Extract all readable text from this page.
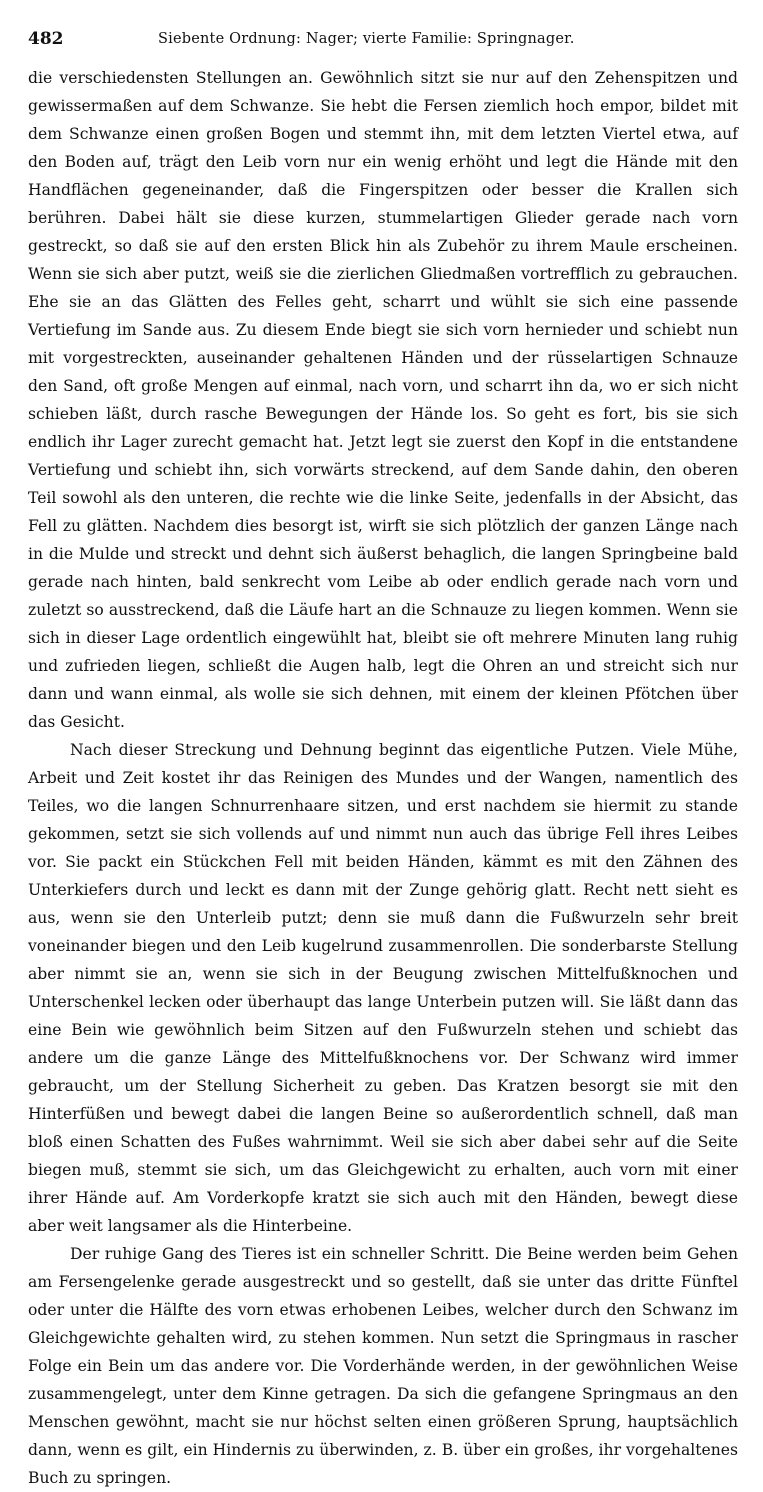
482	Siebente Ordnung: Nager; vierte Familie: Springnager.

die verschiedensten Stellungen an. Gewöhnlich sitzt sie nur auf den Zehenspitzen und gewissermaßen auf dem Schwanze. Sie hebt die Fersen ziemlich hoch empor, bildet mit dem Schwanze einen großen Bogen und stemmt ihn, mit dem letzten Viertel etwa, auf den Boden auf, trägt den Leib vorn nur ein wenig erhöht und legt die Hände mit den Handflächen gegeneinander, daß die Fingerspitzen oder besser die Krallen sich berühren. Dabei hält sie diese kurzen, stummelartigen Glieder gerade nach vorn gestreckt, so daß sie auf den ersten Blick hin als Zubehör zu ihrem Maule erscheinen. Wenn sie sich aber putzt, weiß sie die zierlichen Gliedmaßen vortrefflich zu gebrauchen. Ehe sie an das Glätten des Felles geht, scharrt und wühlt sie sich eine passende Vertiefung im Sande aus. Zu diesem Ende biegt sie sich vorn hernieder und schiebt nun mit vorgestreckten, auseinander gehaltenen Händen und der rüsselartigen Schnauze den Sand, oft große Mengen auf einmal, nach vorn, und scharrt ihn da, wo er sich nicht schieben läßt, durch rasche Bewegungen der Hände los. So geht es fort, bis sie sich endlich ihr Lager zurecht gemacht hat. Jetzt legt sie zuerst den Kopf in die entstandene Vertiefung und schiebt ihn, sich vorwärts streckend, auf dem Sande dahin, den oberen Teil sowohl als den unteren, die rechte wie die linke Seite, jedenfalls in der Absicht, das Fell zu glätten. Nachdem dies besorgt ist, wirft sie sich plötzlich der ganzen Länge nach in die Mulde und streckt und dehnt sich äußerst behaglich, die langen Springbeine bald gerade nach hinten, bald senkrecht vom Leibe ab oder endlich gerade nach vorn und zuletzt so ausstreckend, daß die Läufe hart an die Schnauze zu liegen kommen. Wenn sie sich in dieser Lage ordentlich eingewühlt hat, bleibt sie oft mehrere Minuten lang ruhig und zufrieden liegen, schließt die Augen halb, legt die Ohren an und streicht sich nur dann und wann einmal, als wolle sie sich dehnen, mit einem der kleinen Pfötchen über das Gesicht.

Nach dieser Streckung und Dehnung beginnt das eigentliche Putzen. Viele Mühe, Arbeit und Zeit kostet ihr das Reinigen des Mundes und der Wangen, namentlich des Teiles, wo die langen Schnurrenhaare sitzen, und erst nachdem sie hiermit zu stande gekommen, setzt sie sich vollends auf und nimmt nun auch das übrige Fell ihres Leibes vor. Sie packt ein Stückchen Fell mit beiden Händen, kämmt es mit den Zähnen des Unterkiefers durch und leckt es dann mit der Zunge gehörig glatt. Recht nett sieht es aus, wenn sie den Unterleib putzt; denn sie muß dann die Fußwurzeln sehr breit voneinander biegen und den Leib kugelrund zusammenrollen. Die sonderbarste Stellung aber nimmt sie an, wenn sie sich in der Beugung zwischen Mittelfußknochen und Unterschenkel lecken oder überhaupt das lange Unterbein putzen will. Sie läßt dann das eine Bein wie gewöhnlich beim Sitzen auf den Fußwurzeln stehen und schiebt das andere um die ganze Länge des Mittelfußknochens vor. Der Schwanz wird immer gebraucht, um der Stellung Sicherheit zu geben. Das Kratzen besorgt sie mit den Hinterfüßen und bewegt dabei die langen Beine so außerordentlich schnell, daß man bloß einen Schatten des Fußes wahrnimmt. Weil sie sich aber dabei sehr auf die Seite biegen muß, stemmt sie sich, um das Gleichgewicht zu erhalten, auch vorn mit einer ihrer Hände auf. Am Vorderkopfe kratzt sie sich auch mit den Händen, bewegt diese aber weit langsamer als die Hinterbeine.

Der ruhige Gang des Tieres ist ein schneller Schritt. Die Beine werden beim Gehen am Fersengelenke gerade ausgestreckt und so gestellt, daß sie unter das dritte Fünftel oder unter die Hälfte des vorn etwas erhobenen Leibes, welcher durch den Schwanz im Gleichgewichte gehalten wird, zu stehen kommen. Nun setzt die Springmaus in rascher Folge ein Bein um das andere vor. Die Vorderhände werden, in der gewöhnlichen Weise zusammengelegt, unter dem Kinne getragen. Da sich die gefangene Springmaus an den Menschen gewöhnt, macht sie nur höchst selten einen größeren Sprung, hauptsächlich dann, wenn es gilt, ein Hindernis zu überwinden, z. B. über ein großes, ihr vorgehaltenes Buch zu springen.
